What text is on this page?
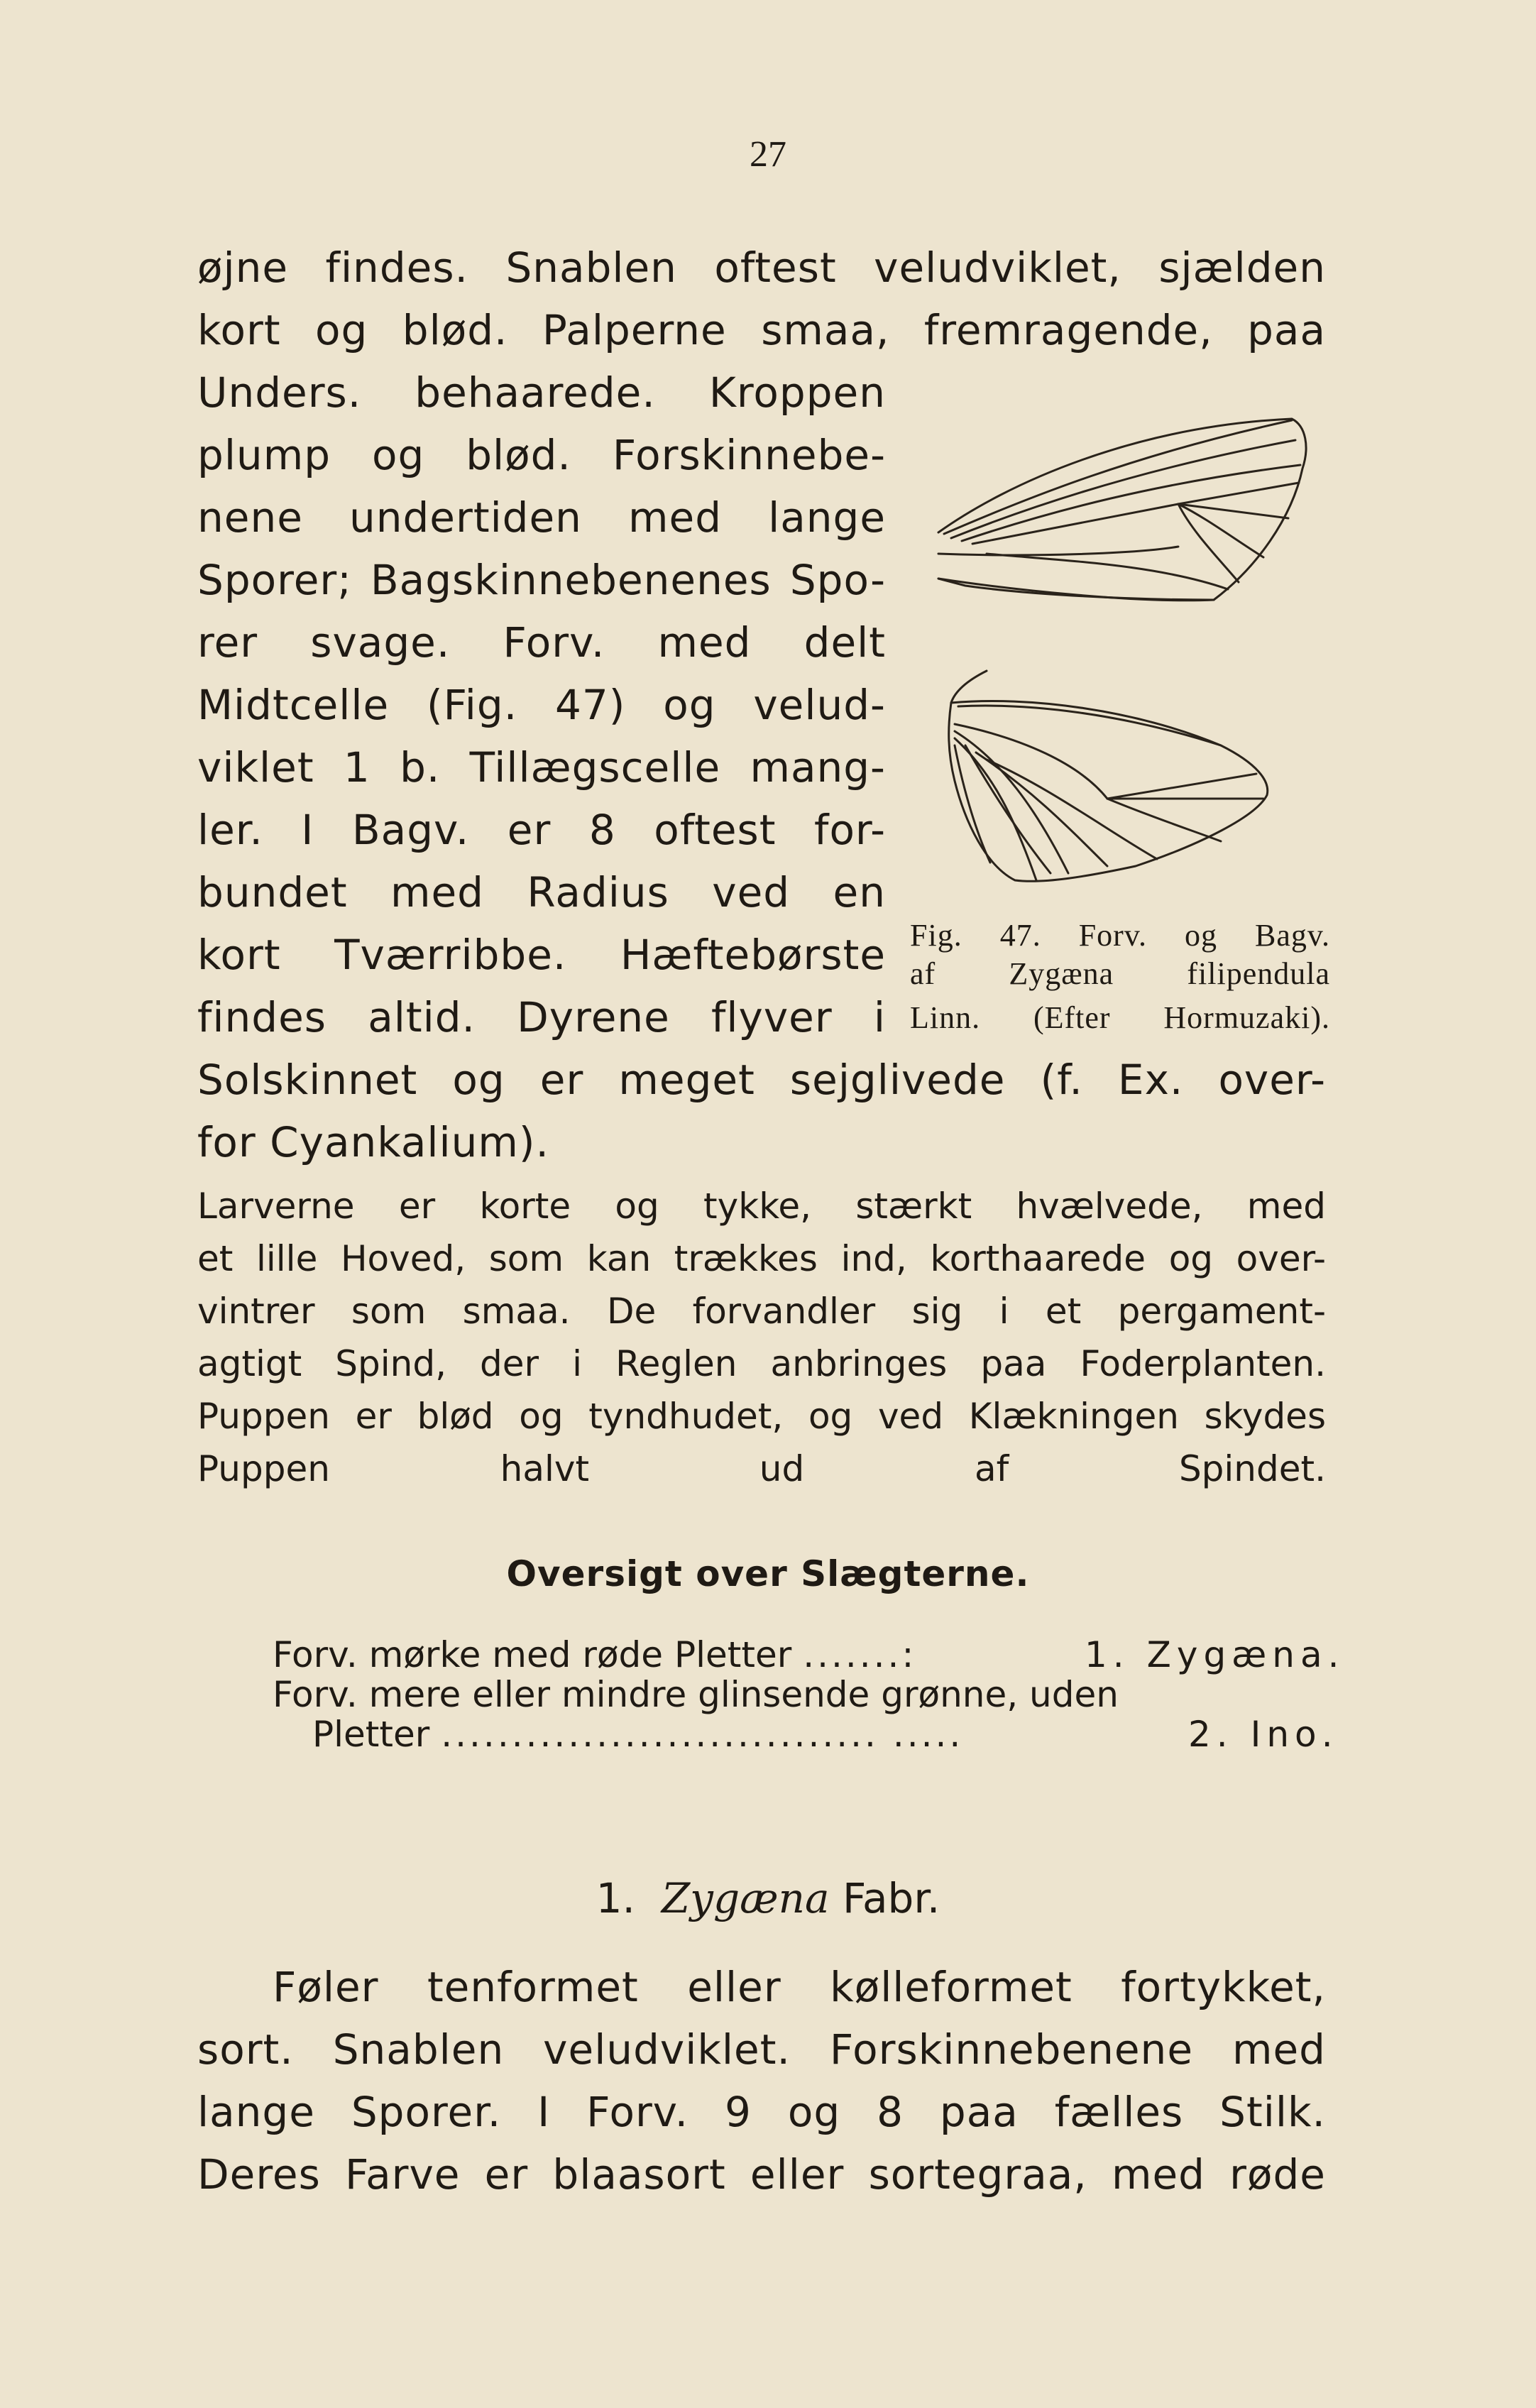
27
øjne findes. Snablen oftest veludviklet, sjælden
kort og blød. Palperne smaa, fremragende, paa
Unders. behaarede. Kroppen
plump og blød. Forskinnebe-
nene undertiden med lange
Sporer; Bagskinnebenenes Spo-
rer svage. Forv. med delt
Midtcelle (Fig. 47) og velud-
viklet 1 b. Tillægscelle mang-
ler. I Bagv. er 8 oftest for-
bundet med Radius ved en
kort Tværribbe. Hæftebørste
findes altid. Dyrene flyver i
Solskinnet og er meget sejglivede (f. Ex. over-
for Cyankalium).
Fig. 47. Forv. og Bagv.
af Zygæna filipendula
Linn. (Efter Hormuzaki).
Larverne er korte og tykke, stærkt hvælvede, med
et lille Hoved, som kan trækkes ind, korthaarede og over-
vintrer som smaa. De forvandler sig i et pergament-
agtigt Spind, der i Reglen anbringes paa Foderplanten.
Puppen er blød og tyndhudet, og ved Klækningen skydes
Puppen halvt ud af Spindet.
Oversigt over Slægterne.
Forv. mørke med røde Pletter .......:	1. Zygæna.
Forv. mere eller mindre glinsende grønne, uden
Pletter ............................... .....	2. Ino.
1. Zygæna Fabr.
Føler tenformet eller kølleformet fortykket,
sort. Snablen veludviklet. Forskinnebenene med
lange Sporer. I Forv. 9 og 8 paa fælles Stilk.
Deres Farve er blaasort eller sortegraa, med røde
